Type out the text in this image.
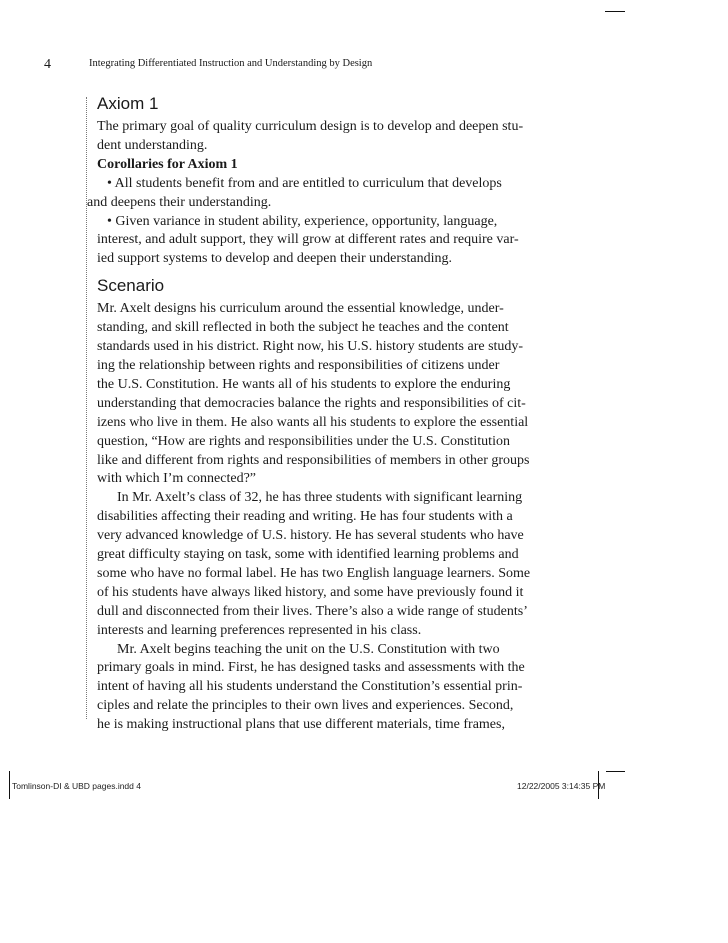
4	Integrating Differentiated Instruction and Understanding by Design
Axiom 1

The primary goal of quality curriculum design is to develop and deepen stu-
dent understanding.

Corollaries for Axiom 1

• All students benefit from and are entitled to curriculum that develops
and deepens their understanding.
• Given variance in student ability, experience, opportunity, language,
interest, and adult support, they will grow at different rates and require var-
ied support systems to develop and deepen their understanding.
Scenario
Mr. Axelt designs his curriculum around the essential knowledge, under-
standing, and skill reflected in both the subject he teaches and the content
standards used in his district. Right now, his U.S. history students are study-
ing the relationship between rights and responsibilities of citizens under
the U.S. Constitution. He wants all of his students to explore the enduring
understanding that democracies balance the rights and responsibilities of cit-
izens who live in them. He also wants all his students to explore the essential
question, “How are rights and responsibilities under the U.S. Constitution
like and different from rights and responsibilities of members in other groups
with which I’m connected?”
In Mr. Axelt’s class of 32, he has three students with significant learning
disabilities affecting their reading and writing. He has four students with a
very advanced knowledge of U.S. history. He has several students who have
great difficulty staying on task, some with identified learning problems and
some who have no formal label. He has two English language learners. Some
of his students have always liked history, and some have previously found it
dull and disconnected from their lives. There’s also a wide range of students’
interests and learning preferences represented in his class.
Mr. Axelt begins teaching the unit on the U.S. Constitution with two
primary goals in mind. First, he has designed tasks and assessments with the
intent of having all his students understand the Constitution’s essential prin-
ciples and relate the principles to their own lives and experiences. Second,
he is making instructional plans that use different materials, time frames,
Tomlinson-DI & UBD pages.indd 4	12/22/2005 3:14:35 PM
